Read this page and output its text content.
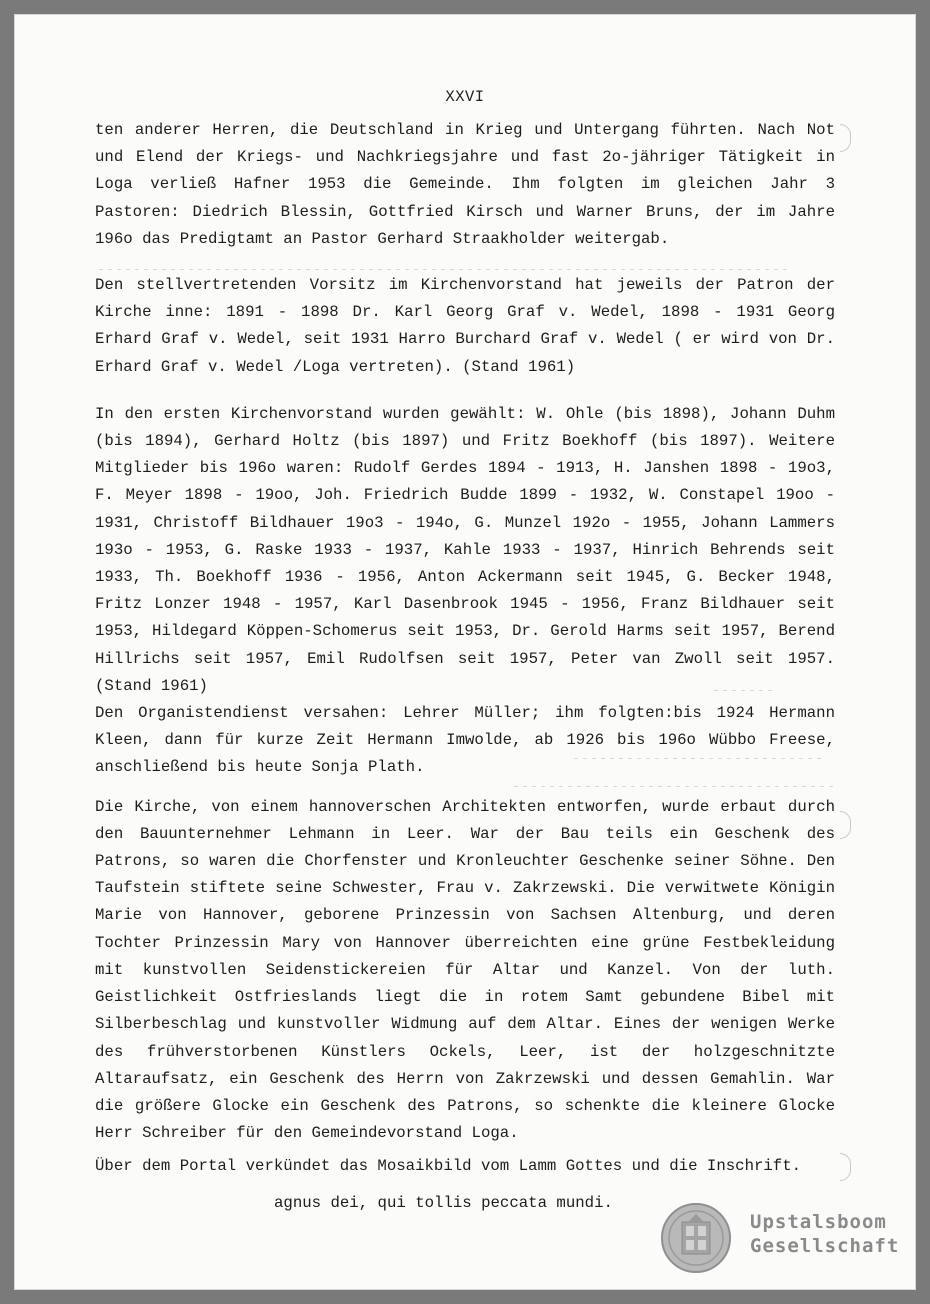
XXVI

ten anderer Herren, die Deutschland in Krieg und Untergang führten. Nach Not und Elend der Kriegs- und Nachkriegsjahre und fast 2o-jähriger Tätigkeit in Loga verließ Hafner 1953 die Gemeinde. Ihm folgten im gleichen Jahr 3 Pastoren: Diedrich Blessin, Gottfried Kirsch und Warner Bruns, der im Jahre 196o das Predigtamt an Pastor Gerhard Straakholder weitergab.

Den stellvertretenden Vorsitz im Kirchenvorstand hat jeweils der Patron der Kirche inne: 1891 - 1898 Dr. Karl Georg Graf v. Wedel, 1898 - 1931 Georg Erhard Graf v. Wedel, seit 1931 Harro Burchard Graf v. Wedel ( er wird von Dr. Erhard Graf v. Wedel /Loga vertreten). (Stand 1961)

In den ersten Kirchenvorstand wurden gewählt: W. Ohle (bis 1898), Johann Duhm (bis 1894), Gerhard Holtz (bis 1897) und Fritz Boekhoff (bis 1897). Weitere Mitglieder bis 196o waren: Rudolf Gerdes 1894 - 1913, H. Janshen 1898 - 19o3, F. Meyer 1898 - 19oo, Joh. Friedrich Budde 1899 - 1932, W. Constapel 19oo - 1931, Christoff Bildhauer 19o3 - 194o, G. Munzel 192o - 1955, Johann Lammers 193o - 1953, G. Raske 1933 - 1937, Kahle 1933 - 1937, Hinrich Behrends seit 1933, Th. Boekhoff 1936 - 1956, Anton Ackermann seit 1945, G. Becker 1948, Fritz Lonzer 1948 - 1957, Karl Dasenbrook 1945 - 1956, Franz Bildhauer seit 1953, Hildegard Köppen-Schomerus seit 1953, Dr. Gerold Harms seit 1957, Berend Hillrichs seit 1957, Emil Rudolfsen seit 1957, Peter van Zwoll seit 1957. (Stand 1961)

Den Organistendienst versahen: Lehrer Müller; ihm folgten:bis 1924 Hermann Kleen, dann für kurze Zeit Hermann Imwolde, ab 1926 bis 196o Wübbo Freese, anschließend bis heute Sonja Plath.

Die Kirche, von einem hannoverschen Architekten entworfen, wurde erbaut durch den Bauunternehmer Lehmann in Leer. War der Bau teils ein Geschenk des Patrons, so waren die Chorfenster und Kronleuchter Geschenke seiner Söhne. Den Taufstein stiftete seine Schwester, Frau v. Zakrzewski. Die verwitwete Königin Marie von Hannover, geborene Prinzessin von Sachsen Altenburg, und deren Tochter Prinzessin Mary von Hannover überreichten eine grüne Festbekleidung mit kunstvollen Seidenstickereien für Altar und Kanzel. Von der luth. Geistlichkeit Ostfrieslands liegt die in rotem Samt gebundene Bibel mit Silberbeschlag und kunstvoller Widmung auf dem Altar. Eines der wenigen Werke des frühverstorbenen Künstlers Ockels, Leer, ist der holzgeschnitzte Altaraufsatz, ein Geschenk des Herrn von Zakrzewski und dessen Gemahlin. War die größere Glocke ein Geschenk des Patrons, so schenkte die kleinere Glocke Herr Schreiber für den Gemeindevorstand Loga.

Über dem Portal verkündet das Mosaikbild vom Lamm Gottes und die Inschrift.

agnus dei, qui tollis peccata mundi.
Upstalsboom
Gesellschaft
